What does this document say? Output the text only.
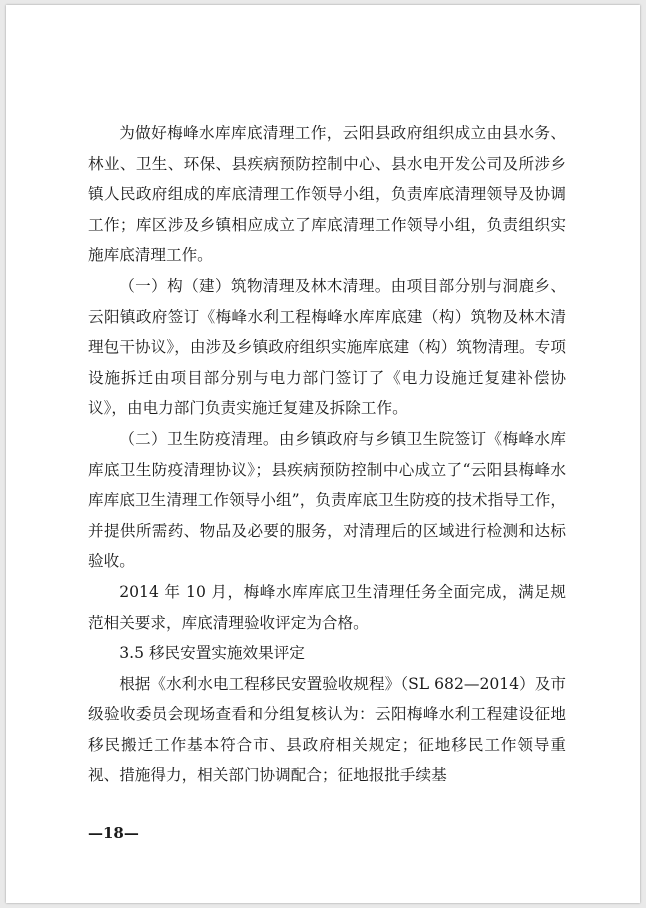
为做好梅峰水库库底清理工作，云阳县政府组织成立由县水务、林业、卫生、环保、县疾病预防控制中心、县水电开发公司及所涉乡镇人民政府组成的库底清理工作领导小组，负责库底清理领导及协调工作；库区涉及乡镇相应成立了库底清理工作领导小组，负责组织实施库底清理工作。

（一）构（建）筑物清理及林木清理。由项目部分别与洞鹿乡、云阳镇政府签订《梅峰水利工程梅峰水库库底建（构）筑物及林木清理包干协议》，由涉及乡镇政府组织实施库底建（构）筑物清理。专项设施拆迁由项目部分别与电力部门签订了《电力设施迁复建补偿协议》，由电力部门负责实施迁复建及拆除工作。

（二）卫生防疫清理。由乡镇政府与乡镇卫生院签订《梅峰水库库底卫生防疫清理协议》；县疾病预防控制中心成立了“云阳县梅峰水库库底卫生清理工作领导小组”，负责库底卫生防疫的技术指导工作，并提供所需药、物品及必要的服务，对清理后的区域进行检测和达标验收。

2014 年 10 月，梅峰水库库底卫生清理任务全面完成，满足规范相关要求，库底清理验收评定为合格。

3.5 移民安置实施效果评定

根据《水利水电工程移民安置验收规程》（SL 682—2014）及市级验收委员会现场查看和分组复核认为：云阳梅峰水利工程建设征地移民搬迁工作基本符合市、县政府相关规定；征地移民工作领导重视、措施得力，相关部门协调配合；征地报批手续基

—18—
